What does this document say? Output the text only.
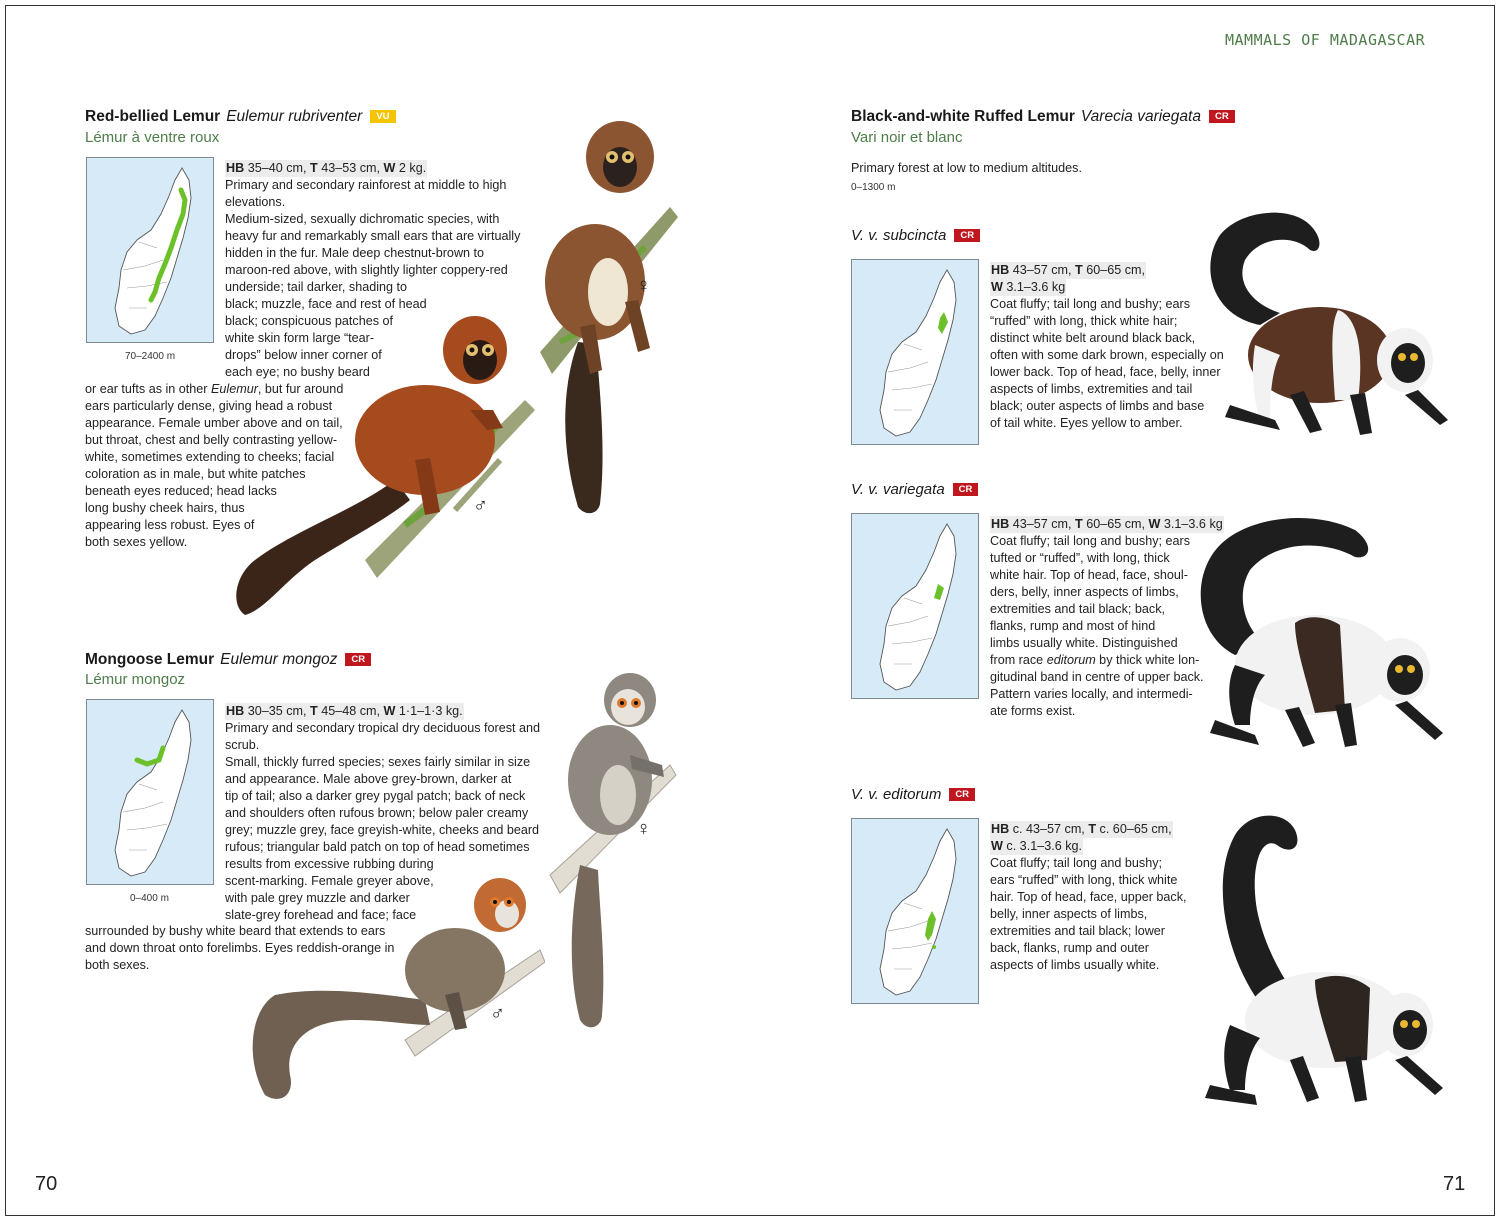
MAMMALS OF MADAGASCAR
70	71
Red-bellied Lemur Eulemur rubriventer VU
Lémur à ventre roux
70–2400 m

HB 35–40 cm, T 43–53 cm, W 2 kg.

Primary and secondary rainforest at middle to high

elevations.

Medium-sized, sexually dichromatic species, with

heavy fur and remarkably small ears that are virtually

hidden in the fur. Male deep chestnut-brown to

maroon-red above, with slightly lighter coppery-red

underside; tail darker, shading to

black; muzzle, face and rest of head

black; conspicuous patches of

white skin form large “tear-

drops” below inner corner of

each eye; no bushy beard

or ear tufts as in other Eulemur, but fur around

ears particularly dense, giving head a robust

appearance. Female umber above and on tail,

but throat, chest and belly contrasting yellow-

white, sometimes extending to cheeks; facial

coloration as in male, but white patches

beneath eyes reduced; head lacks

long bushy cheek hairs, thus

appearing less robust. Eyes of

both sexes yellow.

♀
♂
Mongoose Lemur Eulemur mongoz CR
Lémur mongoz
0–400 m

HB 30–35 cm, T 45–48 cm, W 1·1–1·3 kg.

Primary and secondary tropical dry deciduous forest and

scrub.

Small, thickly furred species; sexes fairly similar in size

and appearance. Male above grey-brown, darker at

tip of tail; also a darker grey pygal patch; back of neck

and shoulders often rufous brown; below paler creamy

grey; muzzle grey, face greyish-white, cheeks and beard

rufous; triangular bald patch on top of head sometimes

results from excessive rubbing during

scent-marking. Female greyer above,

with pale grey muzzle and darker

slate-grey forehead and face; face

surrounded by bushy white beard that extends to ears

and down throat onto forelimbs. Eyes reddish-orange in

both sexes.

♀
♂
Black-and-white Ruffed Lemur Varecia variegata CR
Vari noir et blanc
Primary forest at low to medium altitudes.
0–1300 m
V. v. subcincta CR

HB 43–57 cm, T 60–65 cm,

W 3.1–3.6 kg

Coat fluffy; tail long and bushy; ears

“ruffed” with long, thick white hair;

distinct white belt around black back,

often with some dark brown, especially on

lower back. Top of head, face, belly, inner

aspects of limbs, extremities and tail

black; outer aspects of limbs and base

of tail white. Eyes yellow to amber.

V. v. variegata CR

HB 43–57 cm, T 60–65 cm, W 3.1–3.6 kg

Coat fluffy; tail long and bushy; ears

tufted or “ruffed”, with long, thick

white hair. Top of head, face, shoul-

ders, belly, inner aspects of limbs,

extremities and tail black; back,

flanks, rump and most of hind

limbs usually white. Distinguished

from race editorum by thick white lon-

gitudinal band in centre of upper back.

Pattern varies locally, and intermedi-

ate forms exist.

V. v. editorum CR

HB c. 43–57 cm, T c. 60–65 cm,

W c. 3.1–3.6 kg.

Coat fluffy; tail long and bushy;

ears “ruffed” with long, thick white

hair. Top of head, face, upper back,

belly, inner aspects of limbs,

extremities and tail black; lower

back, flanks, rump and outer

aspects of limbs usually white.
